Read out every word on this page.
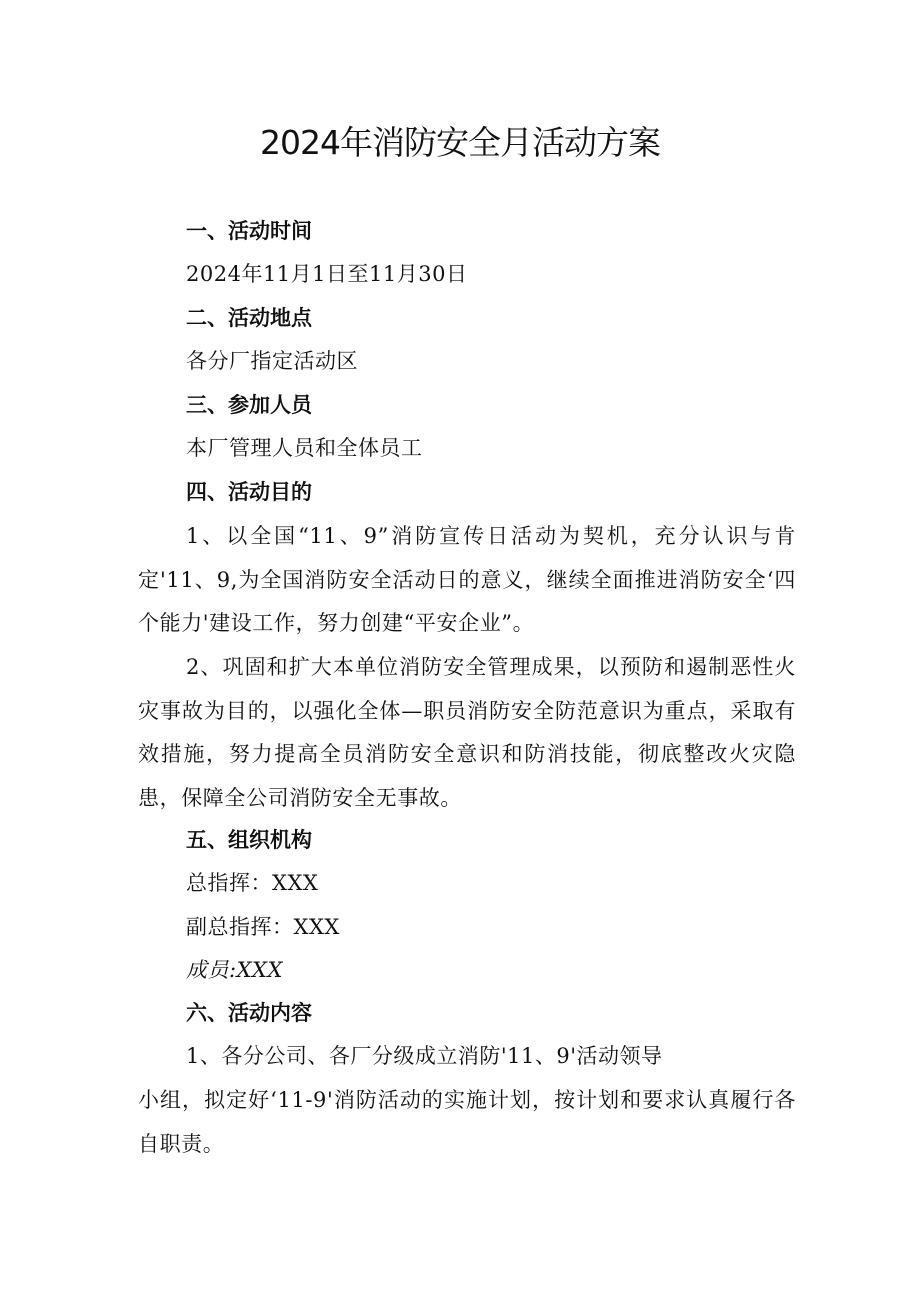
2024年消防安全月活动方案

一、活动时间

2024年11月1日至11月30日

二、活动地点

各分厂指定活动区

三、参加人员

本厂管理人员和全体员工

四、活动目的

1、以全国“11、9”消防宣传日活动为契机，充分认识与肯定'11、9,为全国消防安全活动日的意义，继续全面推进消防安全‘四个能力'建设工作，努力创建“平安企业”。

2、巩固和扩大本单位消防安全管理成果，以预防和遏制恶性火灾事故为目的，以强化全体—职员消防安全防范意识为重点，采取有效措施，努力提高全员消防安全意识和防消技能，彻底整改火灾隐患，保障全公司消防安全无事故。

五、组织机构

总指挥：XXX

副总指挥：XXX

成员:XXX

六、活动内容

1、各分公司、各厂分级成立消防'11、9'活动领导

小组，拟定好‘11-9'消防活动的实施计划，按计划和要求认真履行各自职责。
